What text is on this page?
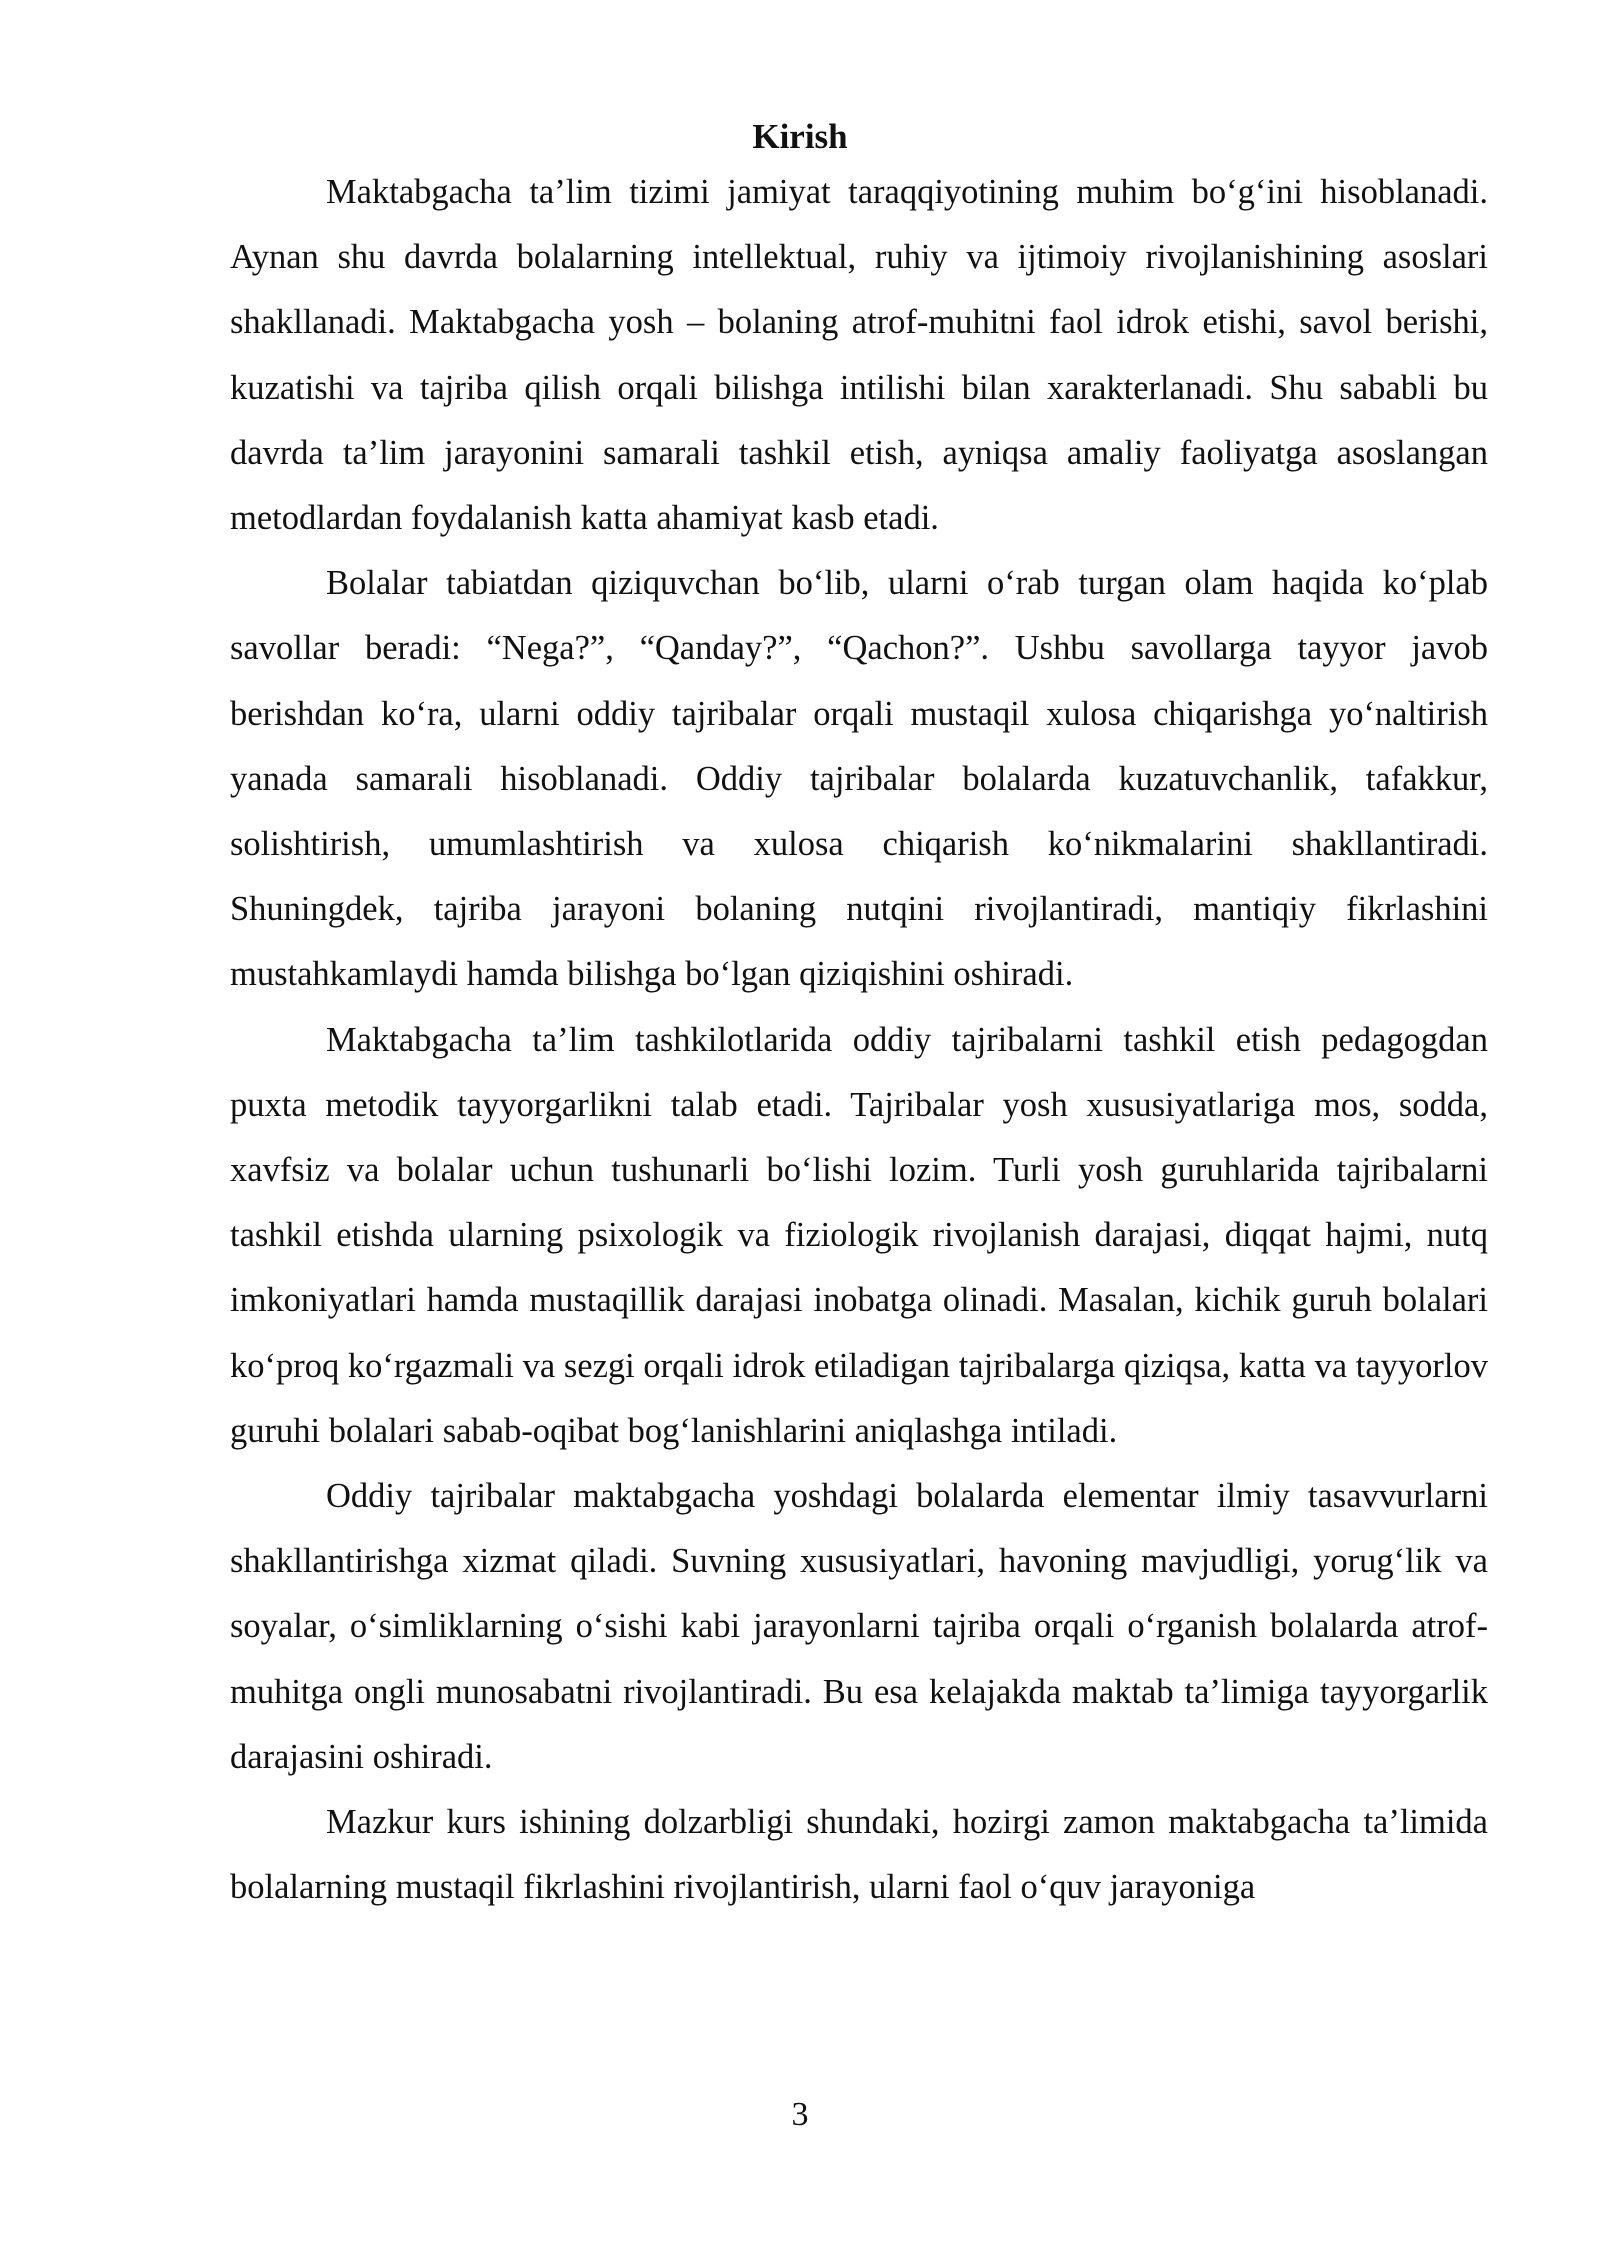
Kirish

Maktabgacha ta’lim tizimi jamiyat taraqqiyotining muhim bo‘g‘ini hisoblanadi. Aynan shu davrda bolalarning intellektual, ruhiy va ijtimoiy rivojlanishining asoslari shakllanadi. Maktabgacha yosh – bolaning atrof-muhitni faol idrok etishi, savol berishi, kuzatishi va tajriba qilish orqali bilishga intilishi bilan xarakterlanadi. Shu sababli bu davrda ta’lim jarayonini samarali tashkil etish, ayniqsa amaliy faoliyatga asoslangan metodlardan foydalanish katta ahamiyat kasb etadi.

Bolalar tabiatdan qiziquvchan bo‘lib, ularni o‘rab turgan olam haqida ko‘plab savollar beradi: “Nega?”, “Qanday?”, “Qachon?”. Ushbu savollarga tayyor javob berishdan ko‘ra, ularni oddiy tajribalar orqali mustaqil xulosa chiqarishga yo‘naltirish yanada samarali hisoblanadi. Oddiy tajribalar bolalarda kuzatuvchanlik, tafakkur, solishtirish, umumlashtirish va xulosa chiqarish ko‘nikmalarini shakllantiradi. Shuningdek, tajriba jarayoni bolaning nutqini rivojlantiradi, mantiqiy fikrlashini mustahkamlaydi hamda bilishga bo‘lgan qiziqishini oshiradi.

Maktabgacha ta’lim tashkilotlarida oddiy tajribalarni tashkil etish pedagogdan puxta metodik tayyorgarlikni talab etadi. Tajribalar yosh xususiyatlariga mos, sodda, xavfsiz va bolalar uchun tushunarli bo‘lishi lozim. Turli yosh guruhlarida tajribalarni tashkil etishda ularning psixologik va fiziologik rivojlanish darajasi, diqqat hajmi, nutq imkoniyatlari hamda mustaqillik darajasi inobatga olinadi. Masalan, kichik guruh bolalari ko‘proq ko‘rgazmali va sezgi orqali idrok etiladigan tajribalarga qiziqsa, katta va tayyorlov guruhi bolalari sabab-oqibat bog‘lanishlarini aniqlashga intiladi.

Oddiy tajribalar maktabgacha yoshdagi bolalarda elementar ilmiy tasavvurlarni shakllantirishga xizmat qiladi. Suvning xususiyatlari, havoning mavjudligi, yorug‘lik va soyalar, o‘simliklarning o‘sishi kabi jarayonlarni tajriba orqali o‘rganish bolalarda atrof-muhitga ongli munosabatni rivojlantiradi. Bu esa kelajakda maktab ta’limiga tayyorgarlik darajasini oshiradi.

Mazkur kurs ishining dolzarbligi shundaki, hozirgi zamon maktabgacha ta’limida bolalarning mustaqil fikrlashini rivojlantirish, ularni faol o‘quv jarayoniga

3
